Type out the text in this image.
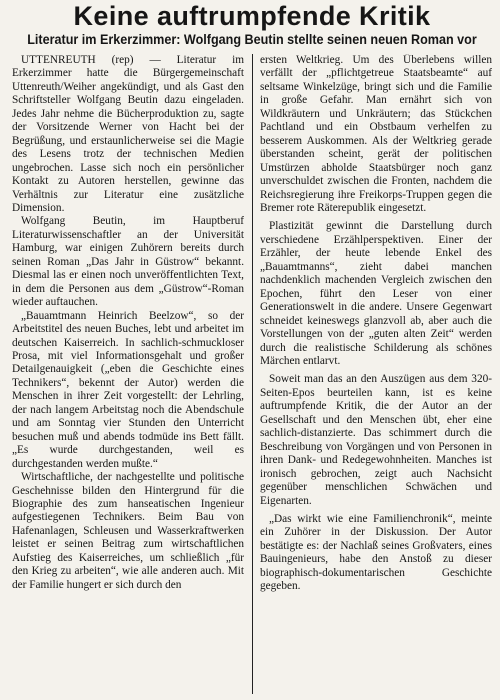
Keine auftrumpfende Kritik
Literatur im Erkerzimmer: Wolfgang Beutin stellte seinen neuen Roman vor

UTTENREUTH (rep) — Literatur im Erkerzimmer hatte die Bürgergemeinschaft Uttenreuth/Weiher angekündigt, und als Gast den Schriftsteller Wolfgang Beutin dazu eingeladen. Jedes Jahr nehme die Bücherproduktion zu, sagte der Vorsitzende Werner von Hacht bei der Begrüßung, und erstaunlicherweise sei die Magie des Lesens trotz der technischen Medien ungebrochen. Lasse sich noch ein persönlicher Kontakt zu Autoren herstellen, gewinne das Verhältnis zur Literatur eine zusätzliche Dimension.

Wolfgang Beutin, im Hauptberuf Literaturwissenschaftler an der Universität Hamburg, war einigen Zuhörern bereits durch seinen Roman „Das Jahr in Güstrow“ bekannt. Diesmal las er einen noch unveröffentlichten Text, in dem die Personen aus dem „Güstrow“-Roman wieder auftauchen.

„Bauamtmann Heinrich Beelzow“, so der Arbeitstitel des neuen Buches, lebt und arbeitet im deutschen Kaiserreich. In sachlich-schmuckloser Prosa, mit viel Informationsgehalt und großer Detailgenauigkeit („eben die Geschichte eines Technikers“, bekennt der Autor) werden die Menschen in ihrer Zeit vorgestellt: der Lehrling, der nach langem Arbeitstag noch die Abendschule und am Sonntag vier Stunden den Unterricht besuchen muß und abends todmüde ins Bett fällt. „Es wurde durchgestanden, weil es durchgestanden werden mußte.“

Wirtschaftliche, der nachgestellte und politische Geschehnisse bilden den Hintergrund für die Biographie des zum hanseatischen Ingenieur aufgestiegenen Technikers. Beim Bau von Hafenanlagen, Schleusen und Wasserkraftwerken leistet er seinen Beitrag zum wirtschaftlichen Aufstieg des Kaiserreiches, um schließlich „für den Krieg zu arbeiten“, wie alle anderen auch. Mit der Familie hungert er sich durch den

ersten Weltkrieg. Um des Überlebens willen verfällt der „pflichtgetreue Staatsbeamte“ auf seltsame Winkelzüge, bringt sich und die Familie in große Gefahr. Man ernährt sich von Wildkräutern und Unkräutern; das Stückchen Pachtland und ein Obstbaum verhelfen zu besserem Auskommen. Als der Weltkrieg gerade überstanden scheint, gerät der politischen Umstürzen abholde Staatsbürger noch ganz unverschuldet zwischen die Fronten, nachdem die Reichsregierung ihre Freikorps-Truppen gegen die Bremer rote Räterepublik eingesetzt.

Plastizität gewinnt die Darstellung durch verschiedene Erzählperspektiven. Einer der Erzähler, der heute lebende Enkel des „Bauamtmanns“, zieht dabei manchen nachdenklich machenden Vergleich zwischen den Epochen, führt den Leser von einer Generationswelt in die andere. Unsere Gegenwart schneidet keineswegs glanzvoll ab, aber auch die Vorstellungen von der „guten alten Zeit“ werden durch die realistische Schilderung als schönes Märchen entlarvt.

Soweit man das an den Auszügen aus dem 320-Seiten-Epos beurteilen kann, ist es keine auftrumpfende Kritik, die der Autor an der Gesellschaft und den Menschen übt, eher eine sachlich-distanzierte. Das schimmert durch die Beschreibung von Vorgängen und von Personen in ihren Dank- und Redegewohnheiten. Manches ist ironisch gebrochen, zeigt auch Nachsicht gegenüber menschlichen Schwächen und Eigenarten.

„Das wirkt wie eine Familienchronik“, meinte ein Zuhörer in der Diskussion. Der Autor bestätigte es: der Nachlaß seines Großvaters, eines Bauingenieurs, habe den Anstoß zu dieser biographisch-dokumentarischen Geschichte gegeben.
